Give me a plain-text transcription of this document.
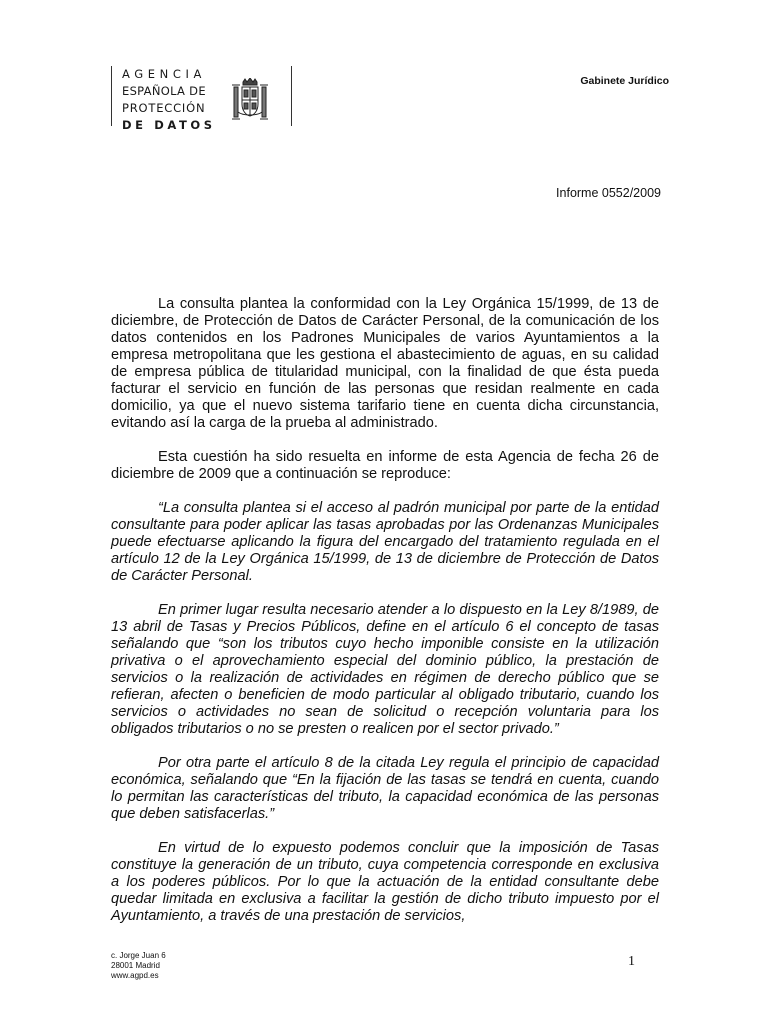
AGENCIA
ESPAÑOLA DE
PROTECCIÓN
DE DATOS
Gabinete Jurídico
Informe 0552/2009

La consulta plantea la conformidad con la Ley Orgánica 15/1999, de 13 de diciembre, de Protección de Datos de Carácter Personal, de la comunicación de los datos contenidos en los Padrones Municipales de varios Ayuntamientos a la empresa metropolitana que les gestiona el abastecimiento de aguas, en su calidad de empresa pública de titularidad municipal, con la finalidad de que ésta pueda facturar el servicio en función de las personas que residan realmente en cada domicilio, ya que el nuevo sistema tarifario tiene en cuenta dicha circunstancia, evitando así la carga de la prueba al administrado.

Esta cuestión ha sido resuelta en informe de esta Agencia de fecha 26 de diciembre de 2009 que a continuación se reproduce:

“La consulta plantea si el acceso al padrón municipal por parte de la entidad consultante para poder aplicar las tasas aprobadas por las Ordenanzas Municipales puede efectuarse aplicando la figura del encargado del tratamiento regulada en el artículo 12 de la Ley Orgánica 15/1999, de 13 de diciembre de Protección de Datos de Carácter Personal.

En primer lugar resulta necesario atender a lo dispuesto en la Ley 8/1989, de 13 abril de Tasas y Precios Públicos, define en el artículo 6 el concepto de tasas señalando que “son los tributos cuyo hecho imponible consiste en la utilización privativa o el aprovechamiento especial del dominio público, la prestación de servicios o la realización de actividades en régimen de derecho público que se refieran, afecten o beneficien de modo particular al obligado tributario, cuando los servicios o actividades no sean de solicitud o recepción voluntaria para los obligados tributarios o no se presten o realicen por el sector privado.”

Por otra parte el artículo 8 de la citada Ley regula el principio de capacidad económica, señalando que “En la fijación de las tasas se tendrá en cuenta, cuando lo permitan las características del tributo, la capacidad económica de las personas que deben satisfacerlas.”

En virtud de lo expuesto podemos concluir que la imposición de Tasas constituye la generación de un tributo, cuya competencia corresponde en exclusiva a los poderes públicos. Por lo que la actuación de la entidad consultante debe quedar limitada en exclusiva a facilitar la gestión de dicho tributo impuesto por el Ayuntamiento, a través de una prestación de servicios,

c. Jorge Juan 6
28001 Madrid
www.agpd.es
1
